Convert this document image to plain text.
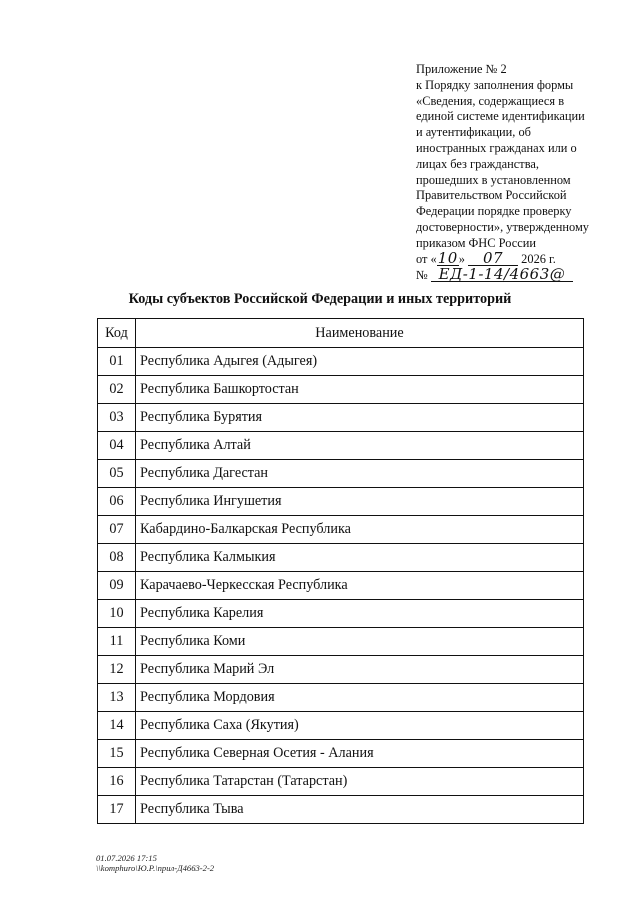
Приложение № 2
к Порядку заполнения формы
«Сведения, содержащиеся в
единой системе идентификации
и аутентификации, об
иностранных гражданах или о
лицах без гражданства,
прошедших в установленном
Правительством Российской
Федерации порядке проверку
достоверности», утвержденному
приказом ФНС России
от «10» 07 2026 г.
№ ЕД-1-14/4663@
Коды субъектов Российской Федерации и иных территорий
Код	Наименование
01	Республика Адыгея (Адыгея)
02	Республика Башкортостан
03	Республика Бурятия
04	Республика Алтай
05	Республика Дагестан
06	Республика Ингушетия
07	Кабардино-Балкарская Республика
08	Республика Калмыкия
09	Карачаево-Черкесская Республика
10	Республика Карелия
11	Республика Коми
12	Республика Марий Эл
13	Республика Мордовия
14	Республика Саха (Якутия)
15	Республика Северная Осетия - Алания
16	Республика Татарстан (Татарстан)
17	Республика Тыва
01.07.2026 17:15
\\komphuro\Ю.Р.\прил-Д4663-2-2
